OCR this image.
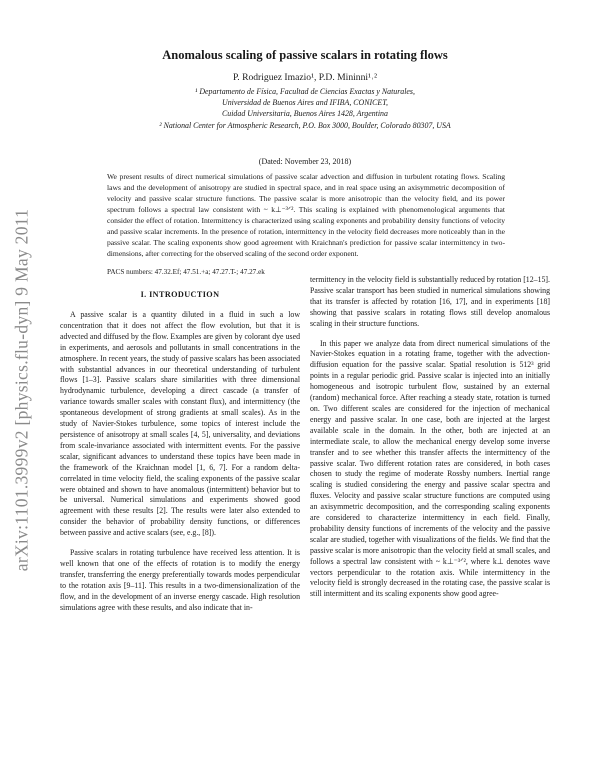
arXiv:1101.3999v2 [physics.flu-dyn] 9 May 2011
Anomalous scaling of passive scalars in rotating flows
P. Rodriguez Imazio¹, P.D. Mininni¹˒²
¹ Departamento de Física, Facultad de Ciencias Exactas y Naturales,
Universidad de Buenos Aires and IFIBA, CONICET,
Cuidad Universitaria, Buenos Aires 1428, Argentina
² National Center for Atmospheric Research, P.O. Box 3000, Boulder, Colorado 80307, USA
(Dated: November 23, 2018)
We present results of direct numerical simulations of passive scalar advection and diffusion in turbulent rotating flows. Scaling laws and the development of anisotropy are studied in spectral space, and in real space using an axisymmetric decomposition of velocity and passive scalar structure functions. The passive scalar is more anisotropic than the velocity field, and its power spectrum follows a spectral law consistent with ~ k⊥⁻³ᐟ². This scaling is explained with phenomenological arguments that consider the effect of rotation. Intermittency is characterized using scaling exponents and probability density functions of velocity and passive scalar increments. In the presence of rotation, intermittency in the velocity field decreases more noticeably than in the passive scalar. The scaling exponents show good agreement with Kraichnan's prediction for passive scalar intermittency in two-dimensions, after correcting for the observed scaling of the second order exponent.
PACS numbers: 47.32.Ef; 47.51.+a; 47.27.T-; 47.27.ek
I. INTRODUCTION

A passive scalar is a quantity diluted in a fluid in such a low concentration that it does not affect the flow evolution, but that it is advected and diffused by the flow. Examples are given by colorant dye used in experiments, and aerosols and pollutants in small concentrations in the atmosphere. In recent years, the study of passive scalars has been associated with substantial advances in our theoretical understanding of turbulent flows [1–3]. Passive scalars share similarities with three dimensional hydrodynamic turbulence, developing a direct cascade (a transfer of variance towards smaller scales with constant flux), and intermittency (the spontaneous development of strong gradients at small scales). As in the study of Navier-Stokes turbulence, some topics of interest include the persistence of anisotropy at small scales [4, 5], universality, and deviations from scale-invariance associated with intermittent events. For the passive scalar, significant advances to understand these topics have been made in the framework of the Kraichnan model [1, 6, 7]. For a random delta-correlated in time velocity field, the scaling exponents of the passive scalar were obtained and shown to have anomalous (intermittent) behavior but to be universal. Numerical simulations and experiments showed good agreement with these results [2]. The results were later also extended to consider the behavior of probability density functions, or differences between passive and active scalars (see, e.g., [8]).

Passive scalars in rotating turbulence have received less attention. It is well known that one of the effects of rotation is to modify the energy transfer, transferring the energy preferentially towards modes perpendicular to the rotation axis [9–11]. This results in a two-dimensionalization of the flow, and in the development of an inverse energy cascade. High resolution simulations agree with these results, and also indicate that in-

termittency in the velocity field is substantially reduced by rotation [12–15]. Passive scalar transport has been studied in numerical simulations showing that its transfer is affected by rotation [16, 17], and in experiments [18] showing that passive scalars in rotating flows still develop anomalous scaling in their structure functions.

In this paper we analyze data from direct numerical simulations of the Navier-Stokes equation in a rotating frame, together with the advection-diffusion equation for the passive scalar. Spatial resolution is 512³ grid points in a regular periodic grid. Passive scalar is injected into an initially homogeneous and isotropic turbulent flow, sustained by an external (random) mechanical force. After reaching a steady state, rotation is turned on. Two different scales are considered for the injection of mechanical energy and passive scalar. In one case, both are injected at the largest available scale in the domain. In the other, both are injected at an intermediate scale, to allow the mechanical energy develop some inverse transfer and to see whether this transfer affects the intermittency of the passive scalar. Two different rotation rates are considered, in both cases chosen to study the regime of moderate Rossby numbers. Inertial range scaling is studied considering the energy and passive scalar spectra and fluxes. Velocity and passive scalar structure functions are computed using an axisymmetric decomposition, and the corresponding scaling exponents are considered to characterize intermittency in each field. Finally, probability density functions of increments of the velocity and the passive scalar are studied, together with visualizations of the fields. We find that the passive scalar is more anisotropic than the velocity field at small scales, and follows a spectral law consistent with ~ k⊥⁻³ᐟ², where k⊥ denotes wave vectors perpendicular to the rotation axis. While intermittency in the velocity field is strongly decreased in the rotating case, the passive scalar is still intermittent and its scaling exponents show good agree-
